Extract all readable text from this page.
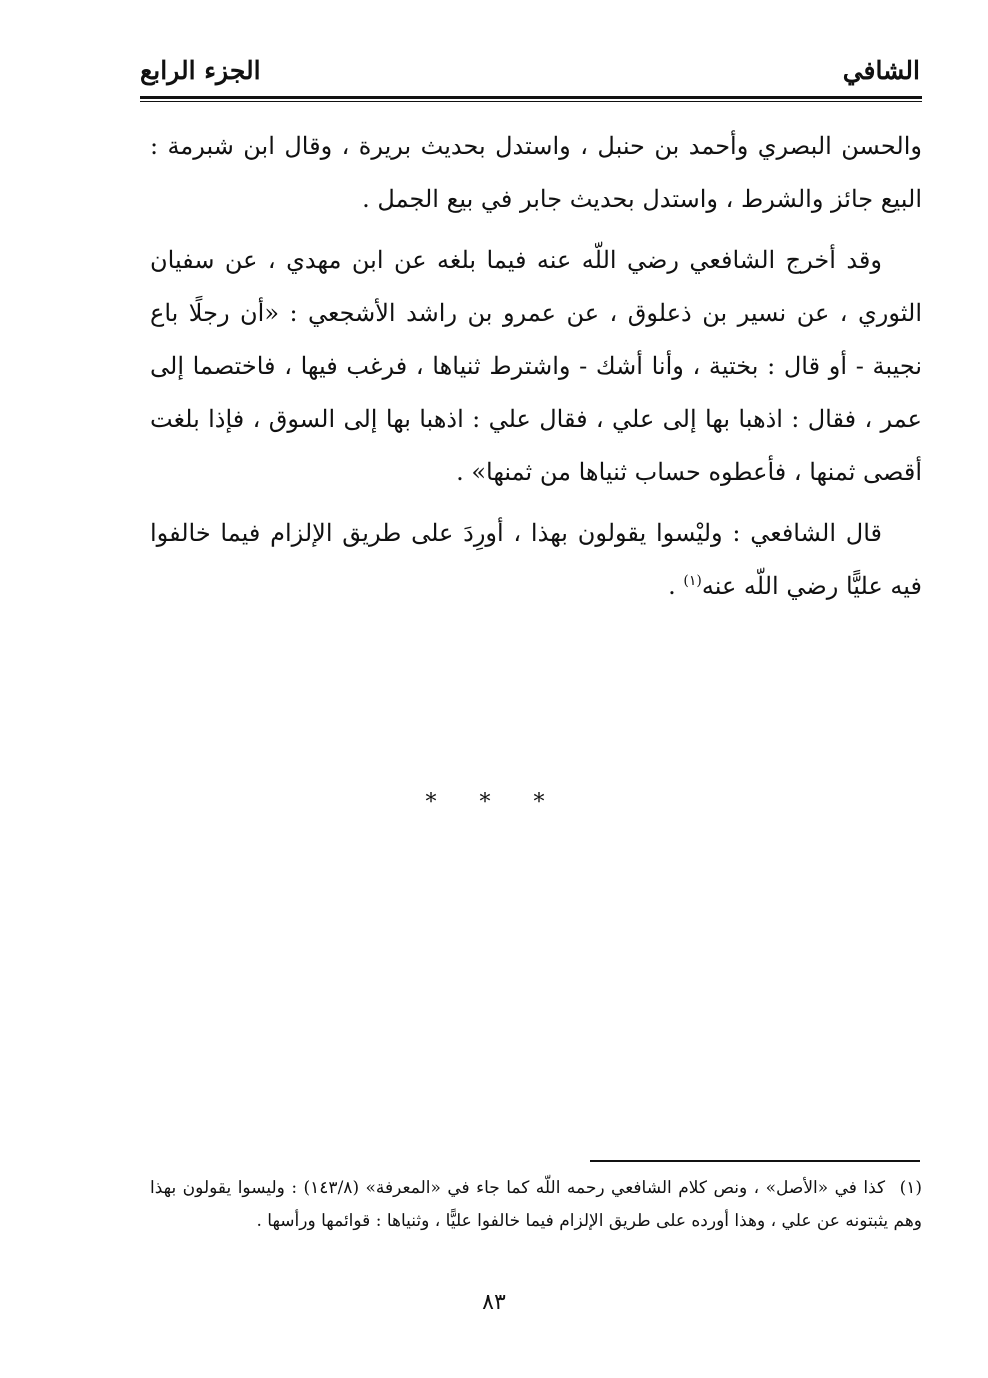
الشافي
الجزء الرابع

والحسن البصري وأحمد بن حنبل ، واستدل بحديث بريرة ، وقال ابن شبرمة : البيع جائز والشرط ، واستدل بحديث جابر في بيع الجمل .

وقد أخرج الشافعي رضي اللّه عنه فيما بلغه عن ابن مهدي ، عن سفيان الثوري ، عن نسير بن ذعلوق ، عن عمرو بن راشد الأشجعي : «أن رجلًا باع نجيبة - أو قال : بختية ، وأنا أشك - واشترط ثنياها ، فرغب فيها ، فاختصما إلى عمر ، فقال : اذهبا بها إلى علي ، فقال علي : اذهبا بها إلى السوق ، فإذا بلغت أقصى ثمنها ، فأعطوه حساب ثنياها من ثمنها» .

قال الشافعي : وليْسوا يقولون بهذا ، أورِدَ على طريق الإلزام فيما خالفوا فيه عليًّا رضي اللّه عنه$^{(١)}$ .

* * *
(١) كذا في «الأصل» ، ونص كلام الشافعي رحمه اللّه كما جاء في «المعرفة» (١٤٣/٨) : وليسوا يقولون بهذا وهم يثبتونه عن علي ، وهذا أورده على طريق الإلزام فيما خالفوا عليًّا ، وثنياها : قوائمها ورأسها .
٨٣
